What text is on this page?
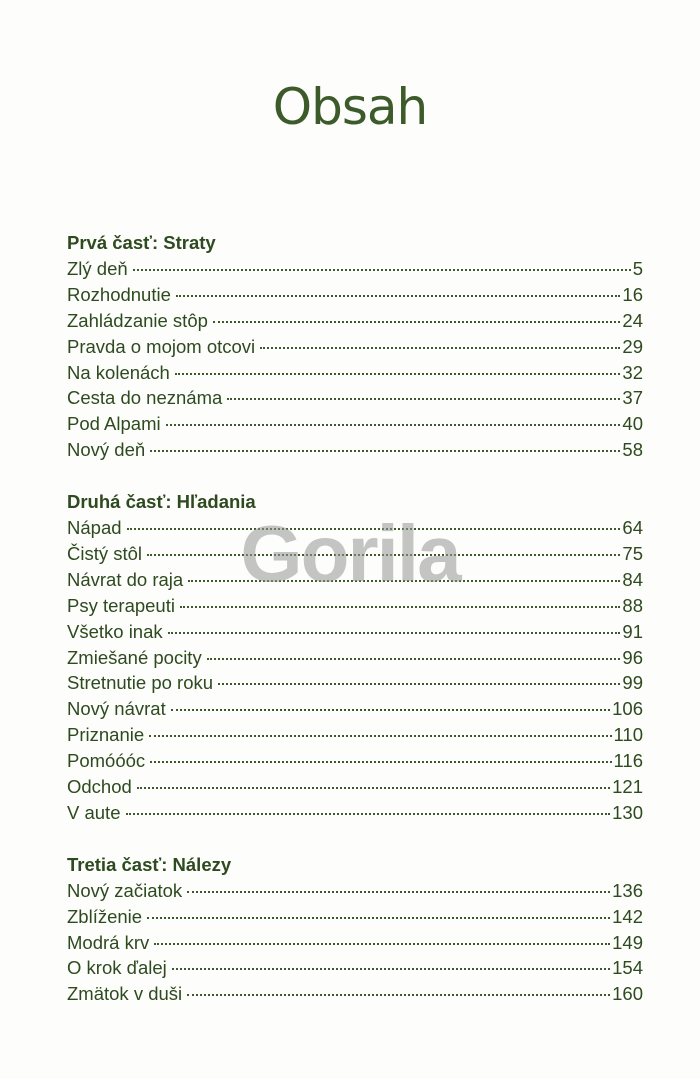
Obsah
Prvá časť: Straty
Zlý deň	5
Rozhodnutie	16
Zahládzanie stôp	24
Pravda o mojom otcovi	29
Na kolenách	32
Cesta do neznáma	37
Pod Alpami	40
Nový deň	58
Druhá časť: Hľadania
Nápad	64
Čistý stôl	75
Návrat do raja	84
Psy terapeuti	88
Všetko inak	91
Zmiešané pocity	96
Stretnutie po roku	99
Nový návrat	106
Priznanie	110
Pomóóóc	116
Odchod	121
V aute	130
Tretia časť: Nálezy
Nový začiatok	136
Zblíženie	142
Modrá krv	149
O krok ďalej	154
Zmätok v duši	160
Gorila
